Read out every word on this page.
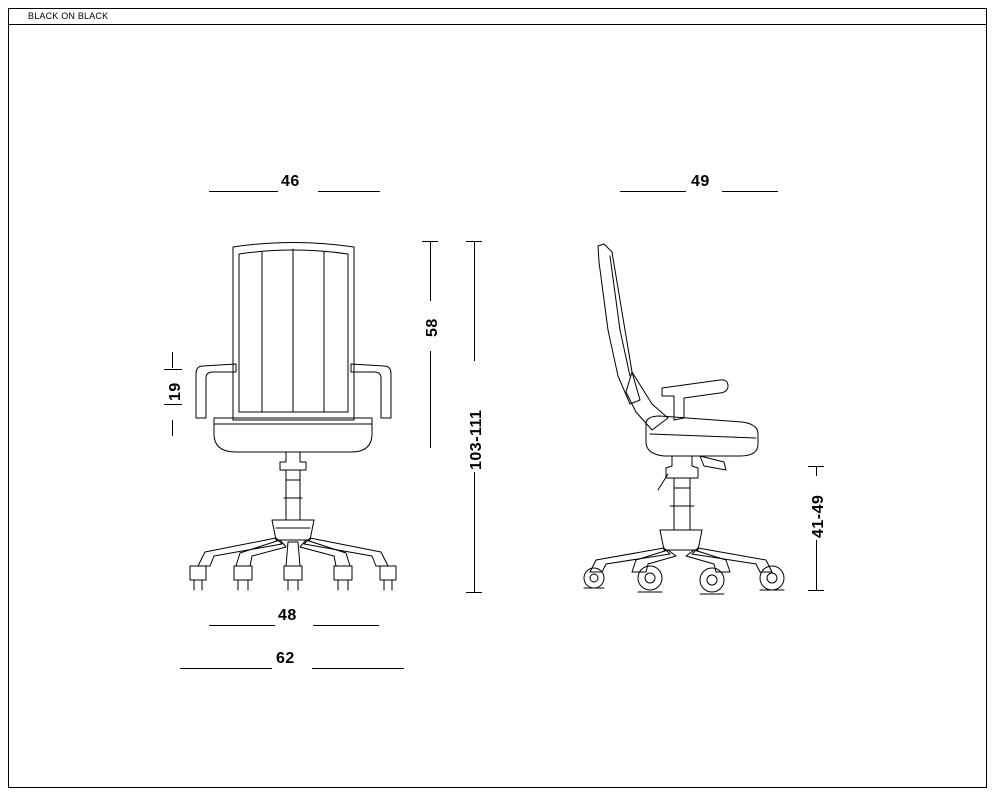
BLACK ON BLACK
46
58
19
103-111
48
62
49
41-49
